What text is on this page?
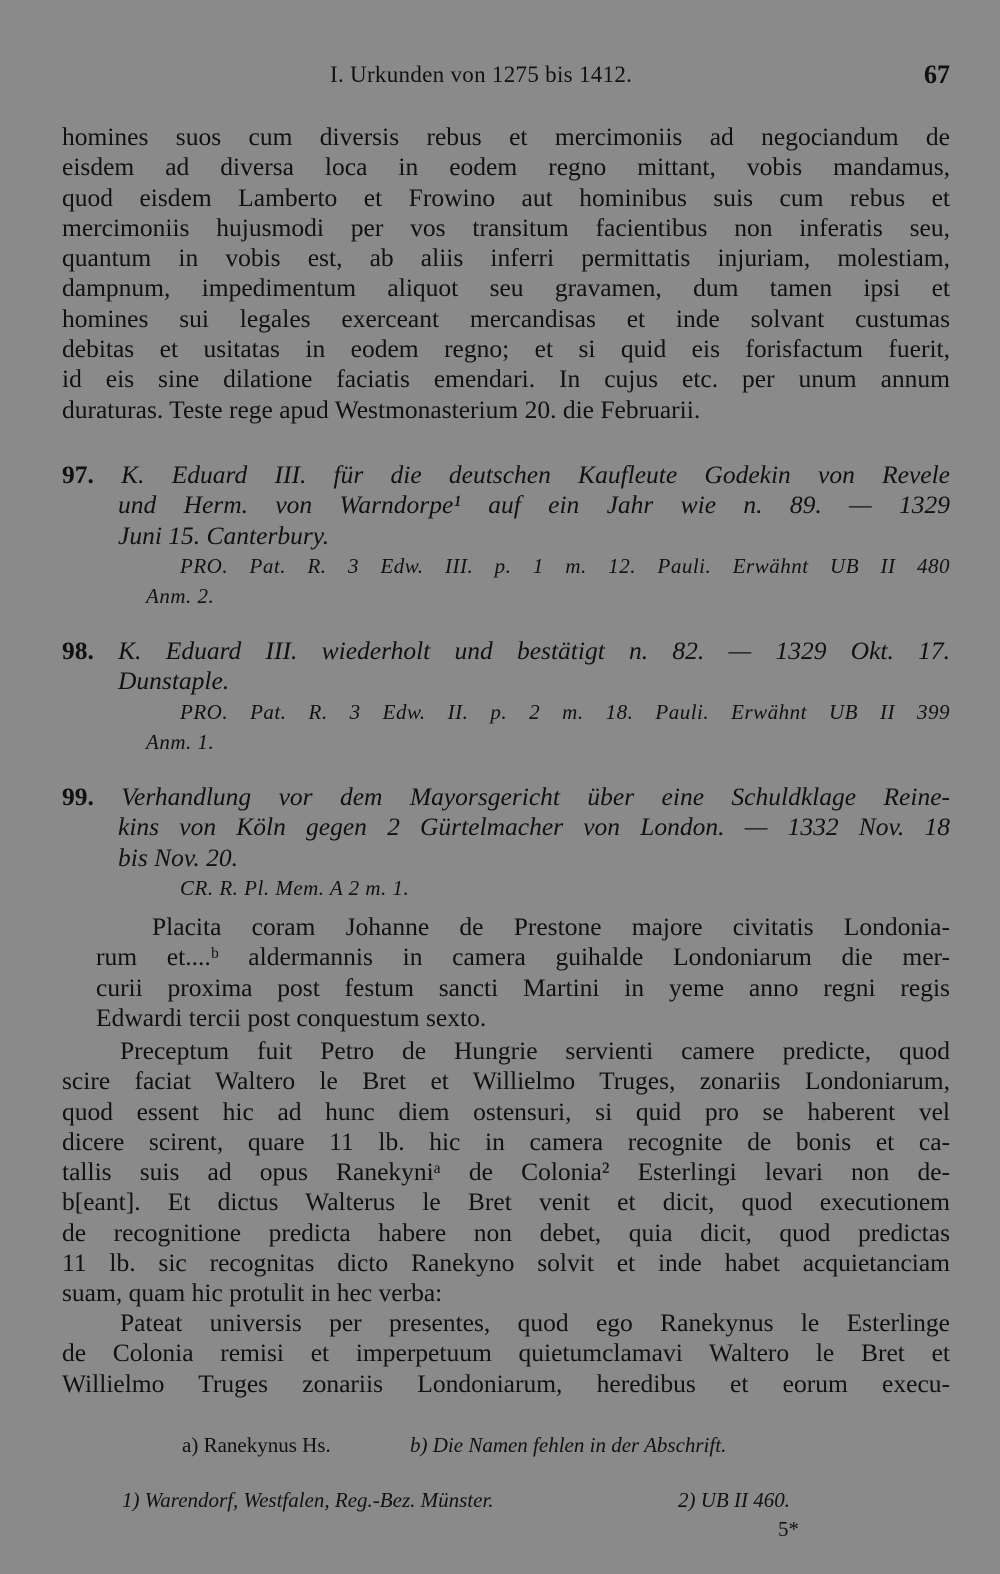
I. Urkunden von 1275 bis 1412.	67
homines suos cum diversis rebus et mercimoniis ad negociandum de
eisdem ad diversa loca in eodem regno mittant, vobis mandamus,
quod eisdem Lamberto et Frowino aut hominibus suis cum rebus et
mercimoniis hujusmodi per vos transitum facientibus non inferatis seu,
quantum in vobis est, ab aliis inferri permittatis injuriam, molestiam,
dampnum, impedimentum aliquot seu gravamen, dum tamen ipsi et
homines sui legales exerceant mercandisas et inde solvant custumas
debitas et usitatas in eodem regno; et si quid eis forisfactum fuerit,
id eis sine dilatione faciatis emendari. In cujus etc. per unum annum
duraturas. Teste rege apud Westmonasterium 20. die Februarii.
97. K. Eduard III. für die deutschen Kaufleute Godekin von Revele
und Herm. von Warndorpe¹ auf ein Jahr wie n. 89. — 1329
Juni 15. Canterbury.
PRO. Pat. R. 3 Edw. III. p. 1 m. 12. Pauli. Erwähnt UB II 480
Anm. 2.
98. K. Eduard III. wiederholt und bestätigt n. 82. — 1329 Okt. 17.
Dunstaple.
PRO. Pat. R. 3 Edw. II. p. 2 m. 18. Pauli. Erwähnt UB II 399
Anm. 1.
99. Verhandlung vor dem Mayorsgericht über eine Schuldklage Reine-
kins von Köln gegen 2 Gürtelmacher von London. — 1332 Nov. 18
bis Nov. 20.
CR. R. Pl. Mem. A 2 m. 1.
Placita coram Johanne de Prestone majore civitatis Londonia-
rum et....ᵇ aldermannis in camera guihalde Londoniarum die mer-
curii proxima post festum sancti Martini in yeme anno regni regis
Edwardi tercii post conquestum sexto.
Preceptum fuit Petro de Hungrie servienti camere predicte, quod
scire faciat Waltero le Bret et Willielmo Truges, zonariis Londoniarum,
quod essent hic ad hunc diem ostensuri, si quid pro se haberent vel
dicere scirent, quare 11 lb. hic in camera recognite de bonis et ca-
tallis suis ad opus Ranekyniᵃ de Colonia² Esterlingi levari non de-
b[eant]. Et dictus Walterus le Bret venit et dicit, quod executionem
de recognitione predicta habere non debet, quia dicit, quod predictas
11 lb. sic recognitas dicto Ranekyno solvit et inde habet acquietanciam
suam, quam hic protulit in hec verba:
Pateat universis per presentes, quod ego Ranekynus le Esterlinge
de Colonia remisi et imperpetuum quietumclamavi Waltero le Bret et
Willielmo Truges zonariis Londoniarum, heredibus et eorum execu-
a) Ranekynus Hs.	b) Die Namen fehlen in der Abschrift.
1) Warendorf, Westfalen, Reg.-Bez. Münster.	2) UB II 460.
5*
